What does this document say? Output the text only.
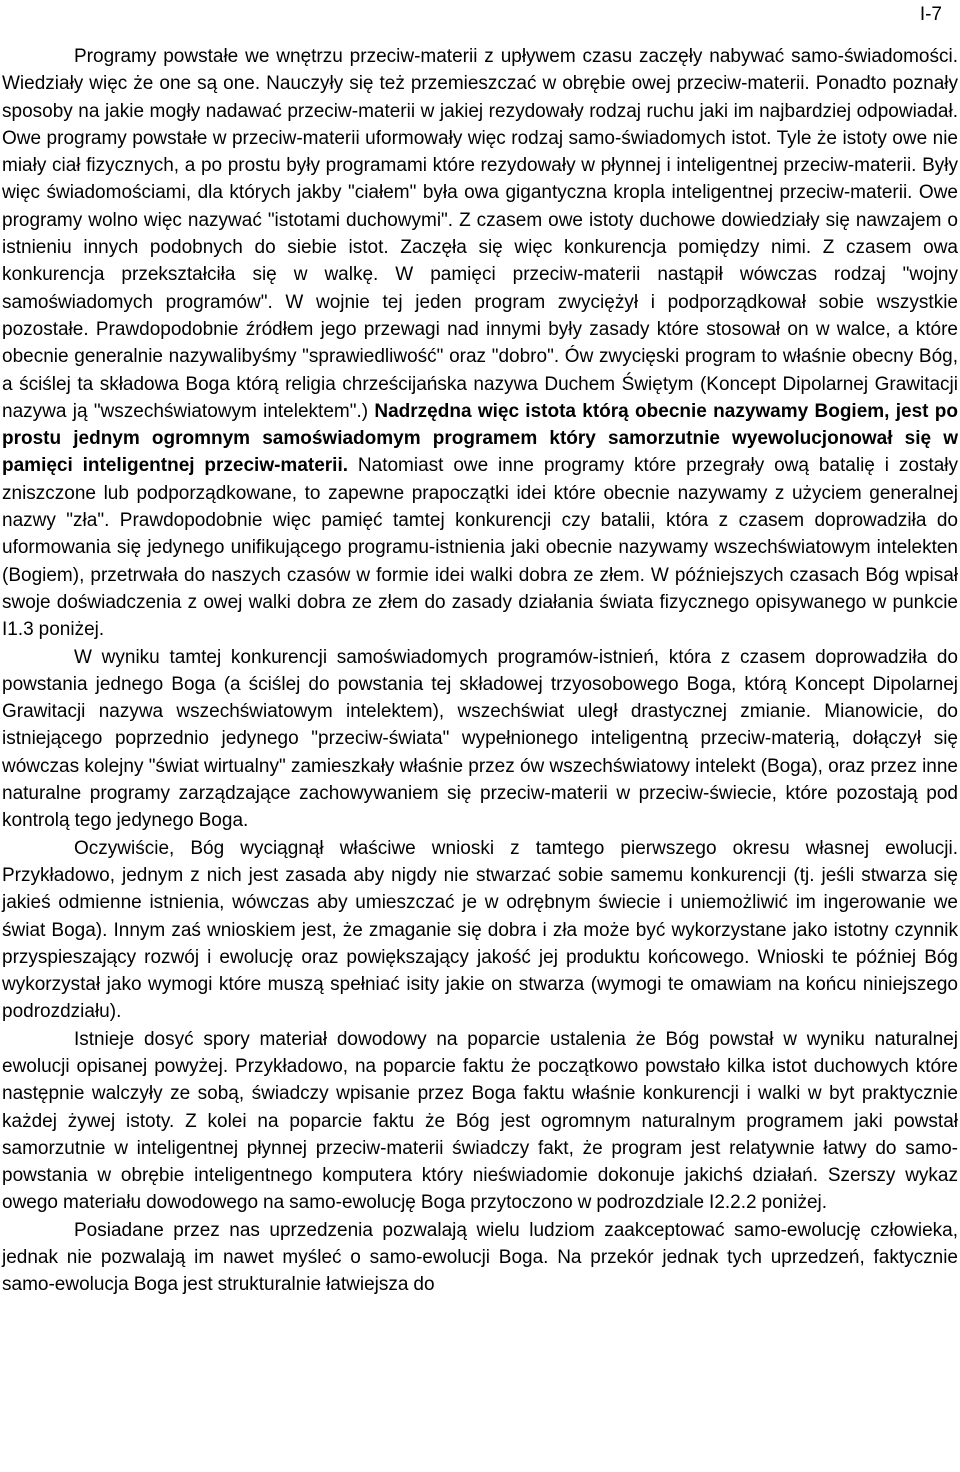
I-7

Programy powstałe we wnętrzu przeciw-materii z upływem czasu zaczęły nabywać samo-świadomości. Wiedziały więc że one są one. Nauczyły się też przemieszczać w obrębie owej przeciw-materii. Ponadto poznały sposoby na jakie mogły nadawać przeciw-materii w jakiej rezydowały rodzaj ruchu jaki im najbardziej odpowiadał. Owe programy powstałe w przeciw-materii uformowały więc rodzaj samo-świadomych istot. Tyle że istoty owe nie miały ciał fizycznych, a po prostu były programami które rezydowały w płynnej i inteligentnej przeciw-materii. Były więc świadomościami, dla których jakby "ciałem" była owa gigantyczna kropla inteligentnej przeciw-materii. Owe programy wolno więc nazywać "istotami duchowymi". Z czasem owe istoty duchowe dowiedziały się nawzajem o istnieniu innych podobnych do siebie istot. Zaczęła się więc konkurencja pomiędzy nimi. Z czasem owa konkurencja przekształciła się w walkę. W pamięci przeciw-materii nastąpił wówczas rodzaj "wojny samoświadomych programów". W wojnie tej jeden program zwyciężył i podporządkował sobie wszystkie pozostałe. Prawdopodobnie źródłem jego przewagi nad innymi były zasady które stosował on w walce, a które obecnie generalnie nazywalibyśmy "sprawiedliwość" oraz "dobro". Ów zwycięski program to właśnie obecny Bóg, a ściślej ta składowa Boga którą religia chrześcijańska nazywa Duchem Świętym (Koncept Dipolarnej Grawitacji nazywa ją "wszechświatowym intelektem".) Nadrzędna więc istota którą obecnie nazywamy Bogiem, jest po prostu jednym ogromnym samoświadomym programem który samorzutnie wyewolucjonował się w pamięci inteligentnej przeciw-materii. Natomiast owe inne programy które przegrały ową batalię i zostały zniszczone lub podporządkowane, to zapewne prapoczątki idei które obecnie nazywamy z użyciem generalnej nazwy "zła". Prawdopodobnie więc pamięć tamtej konkurencji czy batalii, która z czasem doprowadziła do uformowania się jedynego unifikującego programu-istnienia jaki obecnie nazywamy wszechświatowym intelekten (Bogiem), przetrwała do naszych czasów w formie idei walki dobra ze złem. W późniejszych czasach Bóg wpisał swoje doświadczenia z owej walki dobra ze złem do zasady działania świata fizycznego opisywanego w punkcie I1.3 poniżej.

W wyniku tamtej konkurencji samoświadomych programów-istnień, która z czasem doprowadziła do powstania jednego Boga (a ściślej do powstania tej składowej trzyosobowego Boga, którą Koncept Dipolarnej Grawitacji nazywa wszechświatowym intelektem), wszechświat uległ drastycznej zmianie. Mianowicie, do istniejącego poprzednio jedynego "przeciw-świata" wypełnionego inteligentną przeciw-materią, dołączył się wówczas kolejny "świat wirtualny" zamieszkały właśnie przez ów wszechświatowy intelekt (Boga), oraz przez inne naturalne programy zarządzające zachowywaniem się przeciw-materii w przeciw-świecie, które pozostają pod kontrolą tego jedynego Boga.

Oczywiście, Bóg wyciągnął właściwe wnioski z tamtego pierwszego okresu własnej ewolucji. Przykładowo, jednym z nich jest zasada aby nigdy nie stwarzać sobie samemu konkurencji (tj. jeśli stwarza się jakieś odmienne istnienia, wówczas aby umieszczać je w odrębnym świecie i uniemożliwić im ingerowanie we świat Boga). Innym zaś wnioskiem jest, że zmaganie się dobra i zła może być wykorzystane jako istotny czynnik przyspieszający rozwój i ewolucję oraz powiększający jakość jej produktu końcowego. Wnioski te później Bóg wykorzystał jako wymogi które muszą spełniać isity jakie on stwarza (wymogi te omawiam na końcu niniejszego podrozdziału).

Istnieje dosyć spory materiał dowodowy na poparcie ustalenia że Bóg powstał w wyniku naturalnej ewolucji opisanej powyżej. Przykładowo, na poparcie faktu że początkowo powstało kilka istot duchowych które następnie walczyły ze sobą, świadczy wpisanie przez Boga faktu właśnie konkurencji i walki w byt praktycznie każdej żywej istoty. Z kolei na poparcie faktu że Bóg jest ogromnym naturalnym programem jaki powstał samorzutnie w inteligentnej płynnej przeciw-materii świadczy fakt, że program jest relatywnie łatwy do samo-powstania w obrębie inteligentnego komputera który nieświadomie dokonuje jakichś działań. Szerszy wykaz owego materiału dowodowego na samo-ewolucję Boga przytoczono w podrozdziale I2.2.2 poniżej.

Posiadane przez nas uprzedzenia pozwalają wielu ludziom zaakceptować samo-ewolucję człowieka, jednak nie pozwalają im nawet myśleć o samo-ewolucji Boga. Na przekór jednak tych uprzedzeń, faktycznie samo-ewolucja Boga jest strukturalnie łatwiejsza do
